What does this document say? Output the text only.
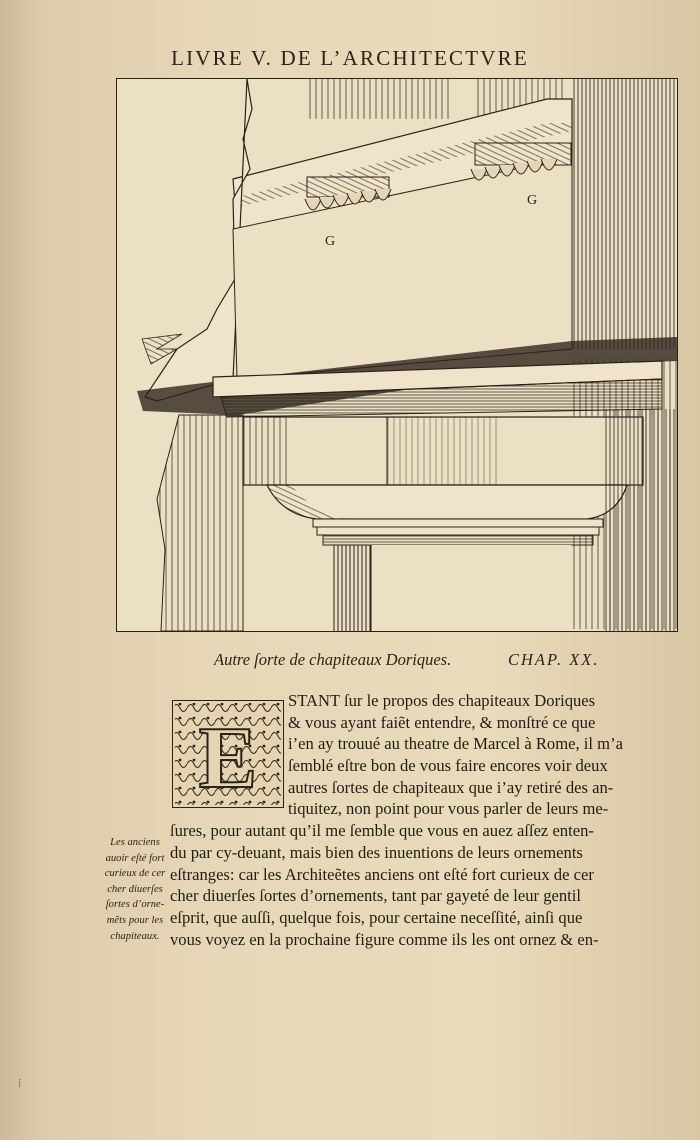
LIVRE V. DE L’ARCHITECTVRE
G
G
Autre ſorte de chapiteaux Doriques.	CHAP. XX.
E
STANT ſur le propos des chapiteaux Doriques
& vous ayant faiẽt entendre, & monſtré ce que
i’en ay trouué au theatre de Marcel à Rome, il m’a
ſemblé eſtre bon de vous faire encores voir deux
autres ſortes de chapiteaux que i’ay retiré des an-
tiquitez, non point pour vous parler de leurs me-
ſures, pour autant qu’il me ſemble que vous en auez aſſez enten-
du par cy-deuant, mais bien des inuentions de leurs ornements
eſtranges: car les Architeẽtes anciens ont eſté fort curieux de cer
cher diuerſes ſortes d’ornements, tant par gayeté de leur gentil
eſprit, que auſſi, quelque fois, pour certaine neceſſité, ainſi que
vous voyez en la prochaine figure comme ils les ont ornez & en-
Les anciens
auoir eſté fort
curieux de cer
cher diuerſes
ſortes d’orne-
mẽts pour les
chapiteaux.
⁞
